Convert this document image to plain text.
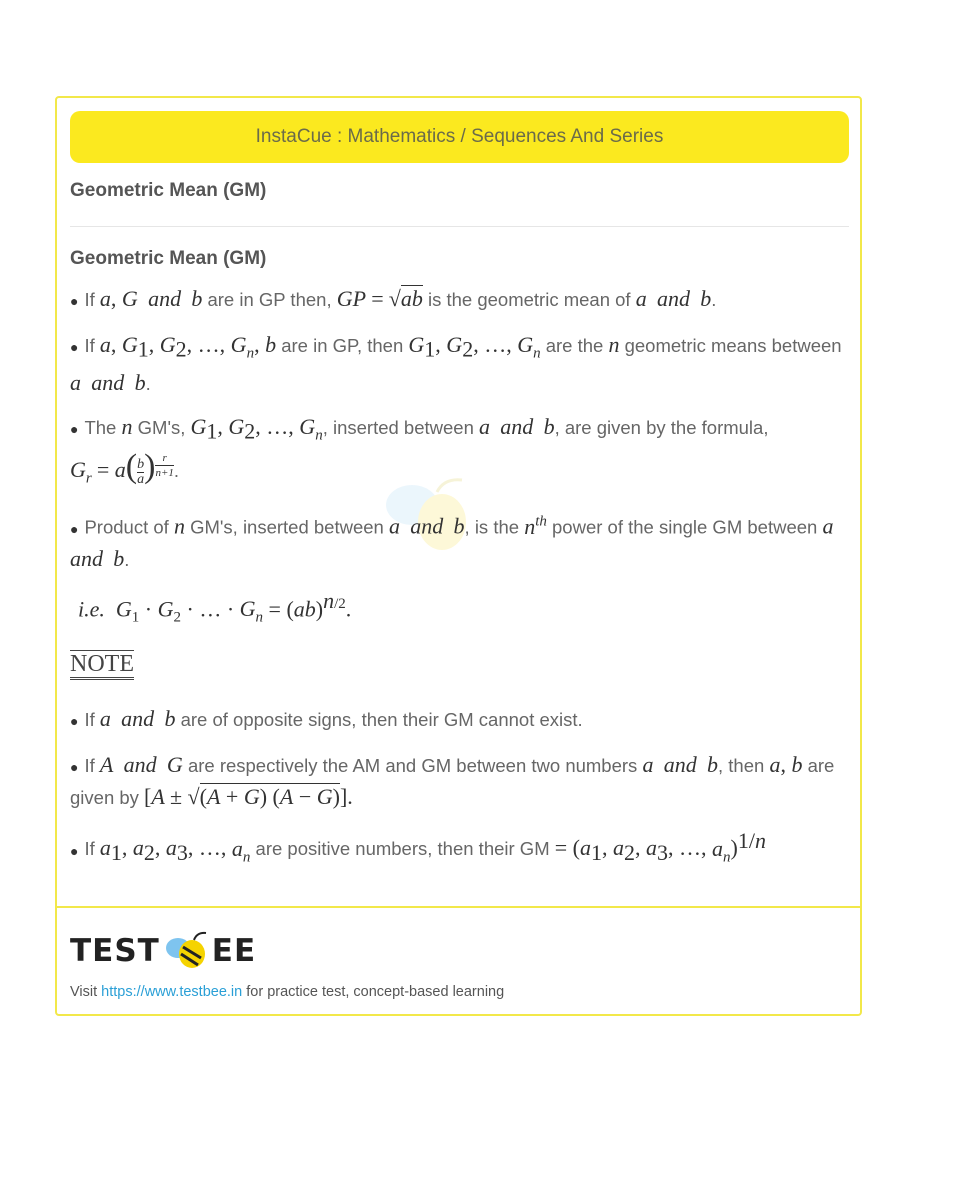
InstaCue : Mathematics / Sequences And Series
Geometric Mean (GM)
Geometric Mean (GM)
● If a, G and b are in GP then, GP = √ab is the geometric mean of a and b.
● If a, $G_1$, $G_2$, …, $G_n$, b are in GP, then $G_1$, $G_2$, …, $G_n$ are the n geometric means between a and b.
● The n GM's, $G_1$, $G_2$, …, $G_n$, inserted between a and b, are given by the formula,
$G_r = a( \frac{b}{a}$ ) $^{\frac{r}{n+1}}$ .
● Product of n GM's, inserted between a and b, is the $n^{th}$ power of the single GM between a  and b.
i.e. $G_1 \cdot G_2$ · … · $G_n = (ab)^{n/2}$.
NOTE
● If a and b are of opposite signs, then their GM cannot exist.
● If A and G are respectively the AM and GM between two numbers a and b, then a, b are given by [A ± √(A + G) (A − G)].
● If $a_1$, $a_2$, $a_3$, …, $a_n$ are positive numbers, then their GM = ($a_1$, $a_2$, $a_3$, …, $a_n)^{1/n}$
TEST EE
Visit https://www.testbee.in for practice test, concept-based learning
